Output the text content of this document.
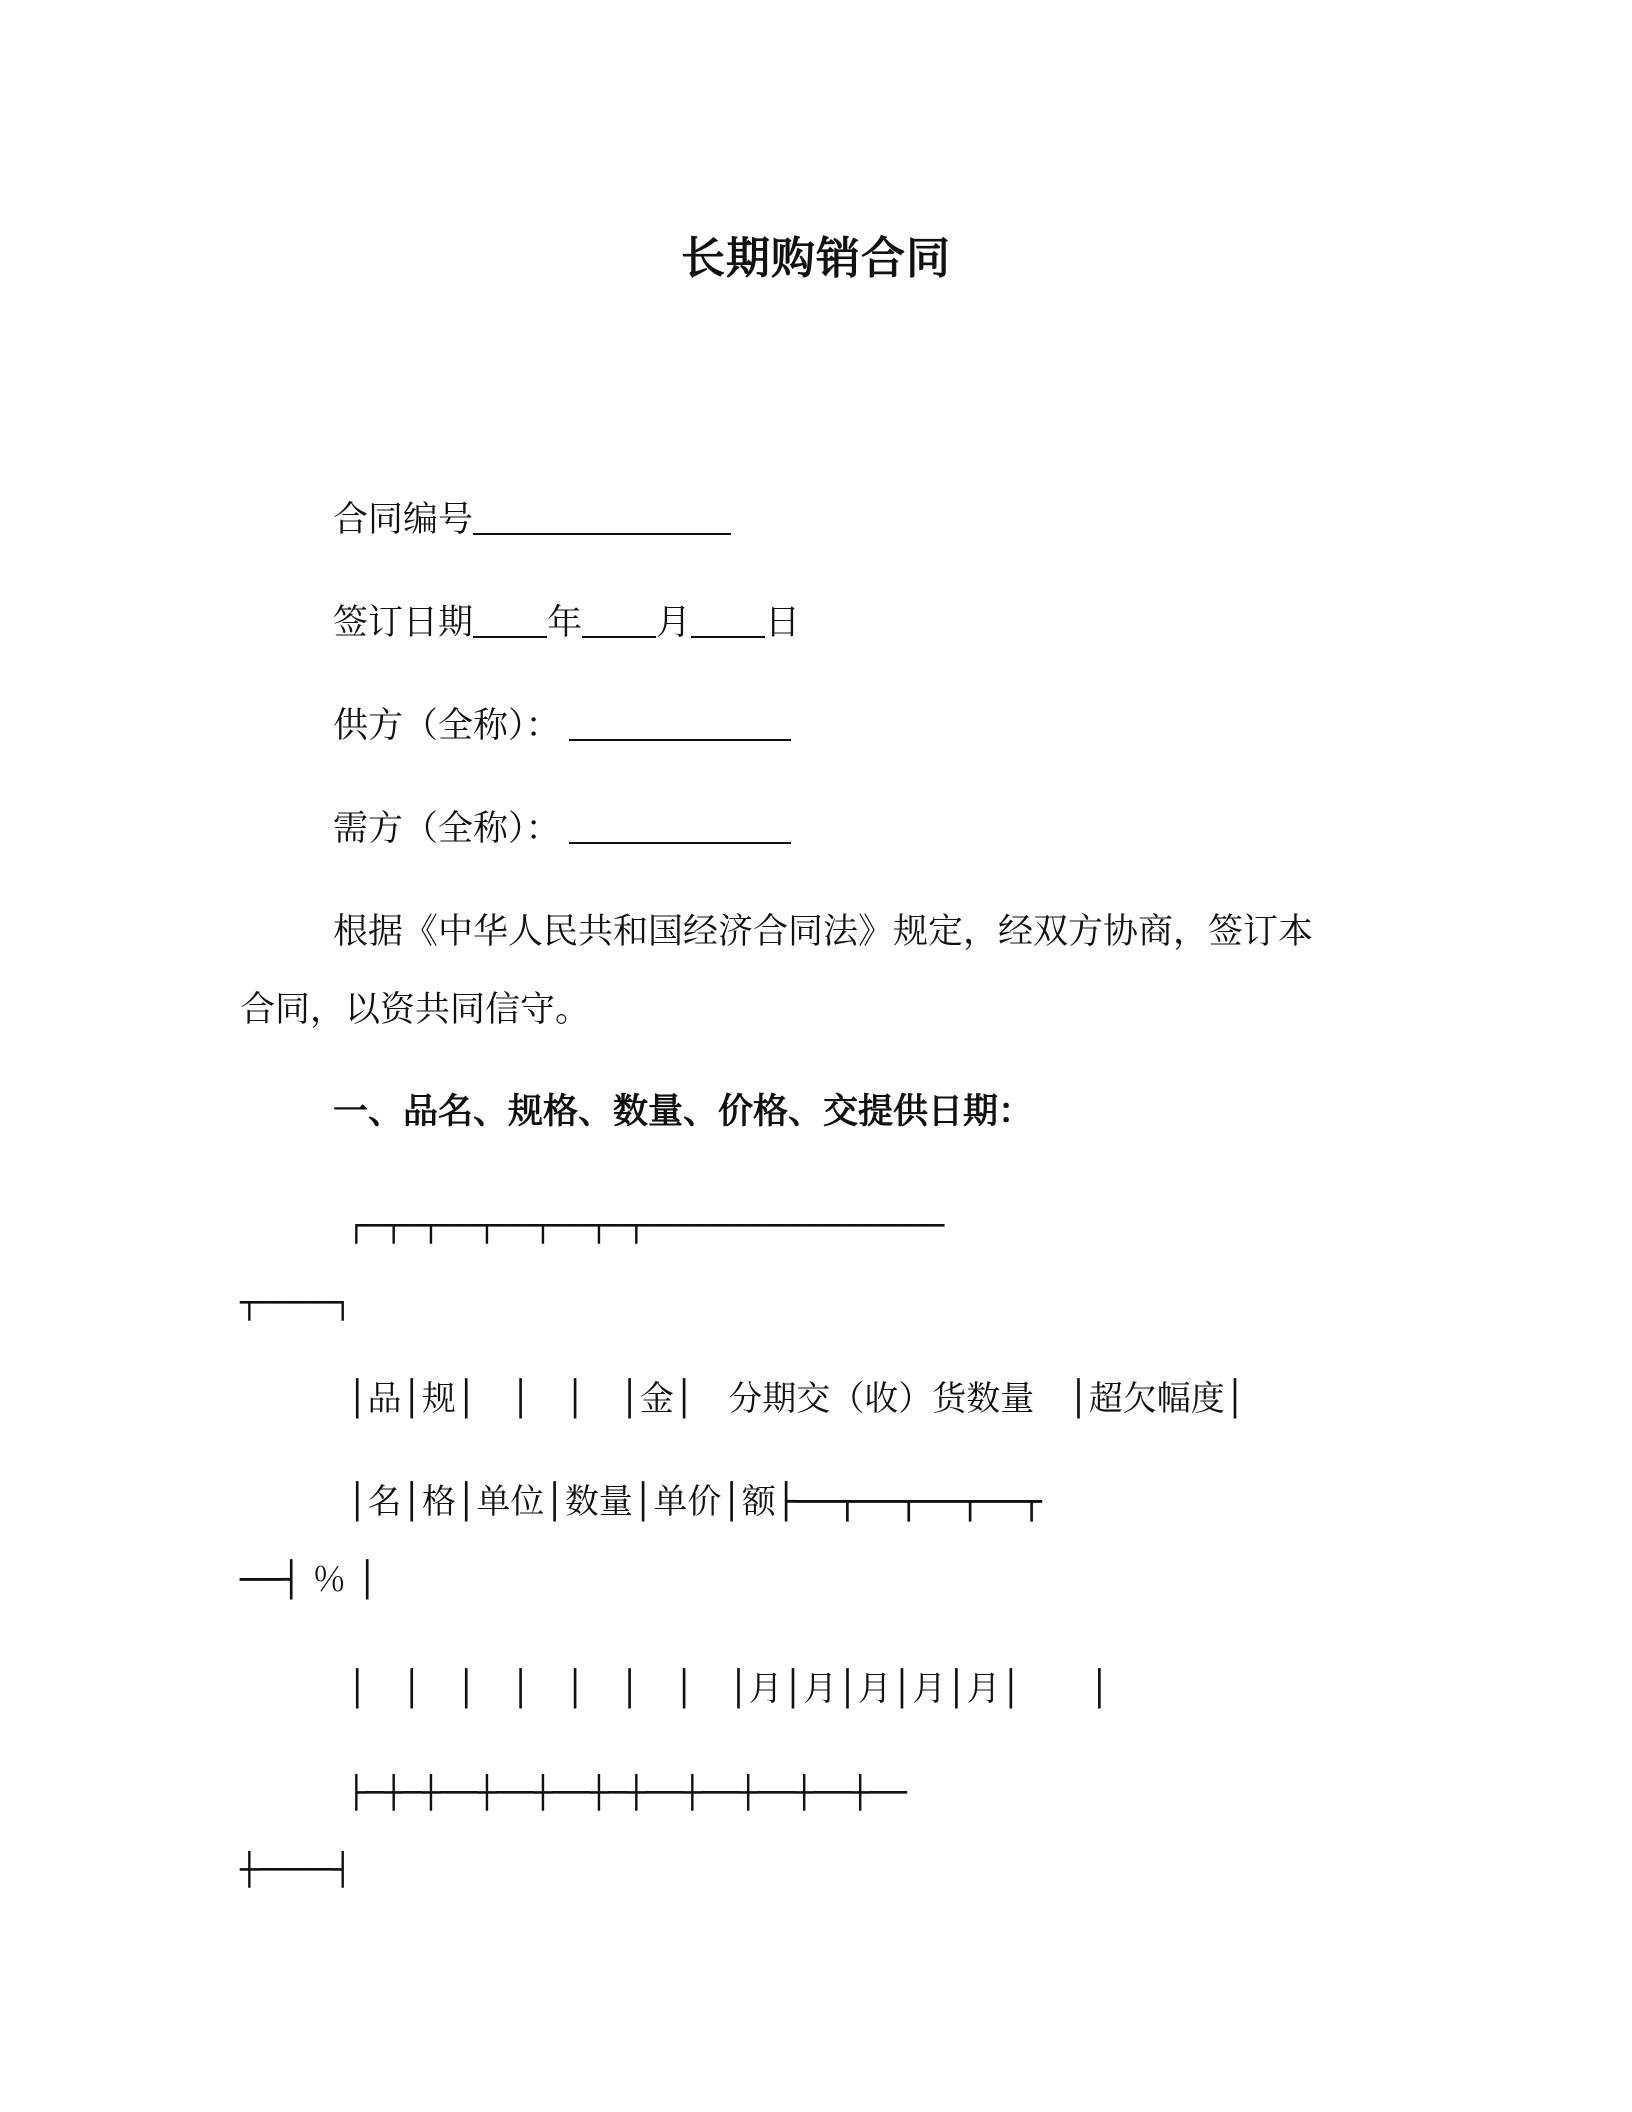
长期购销合同
合同编号
签订日期 年 月 日
供方（全称）：
需方（全称）：
根据《中华人民共和国经济合同法》规定，经双方协商，签订本
合同，以资共同信守。
一、品名、规格、数量、价格、交提供日期：
┌─┬─┬──┬──┬──┬─┬────────────────
┬────┐
│品│规│　│　│　│金│　分期交（收）货数量　│超欠幅度│
│名│格│单位│数量│单价│额├──┬──┬──┬──┬
──┤ ％ │
│　│　│　│　│　│　│　│月│月│月│月│月│　　│
├─┼─┼──┼──┼──┼─┼──┼──┼──┼──┼──
┼────┤
